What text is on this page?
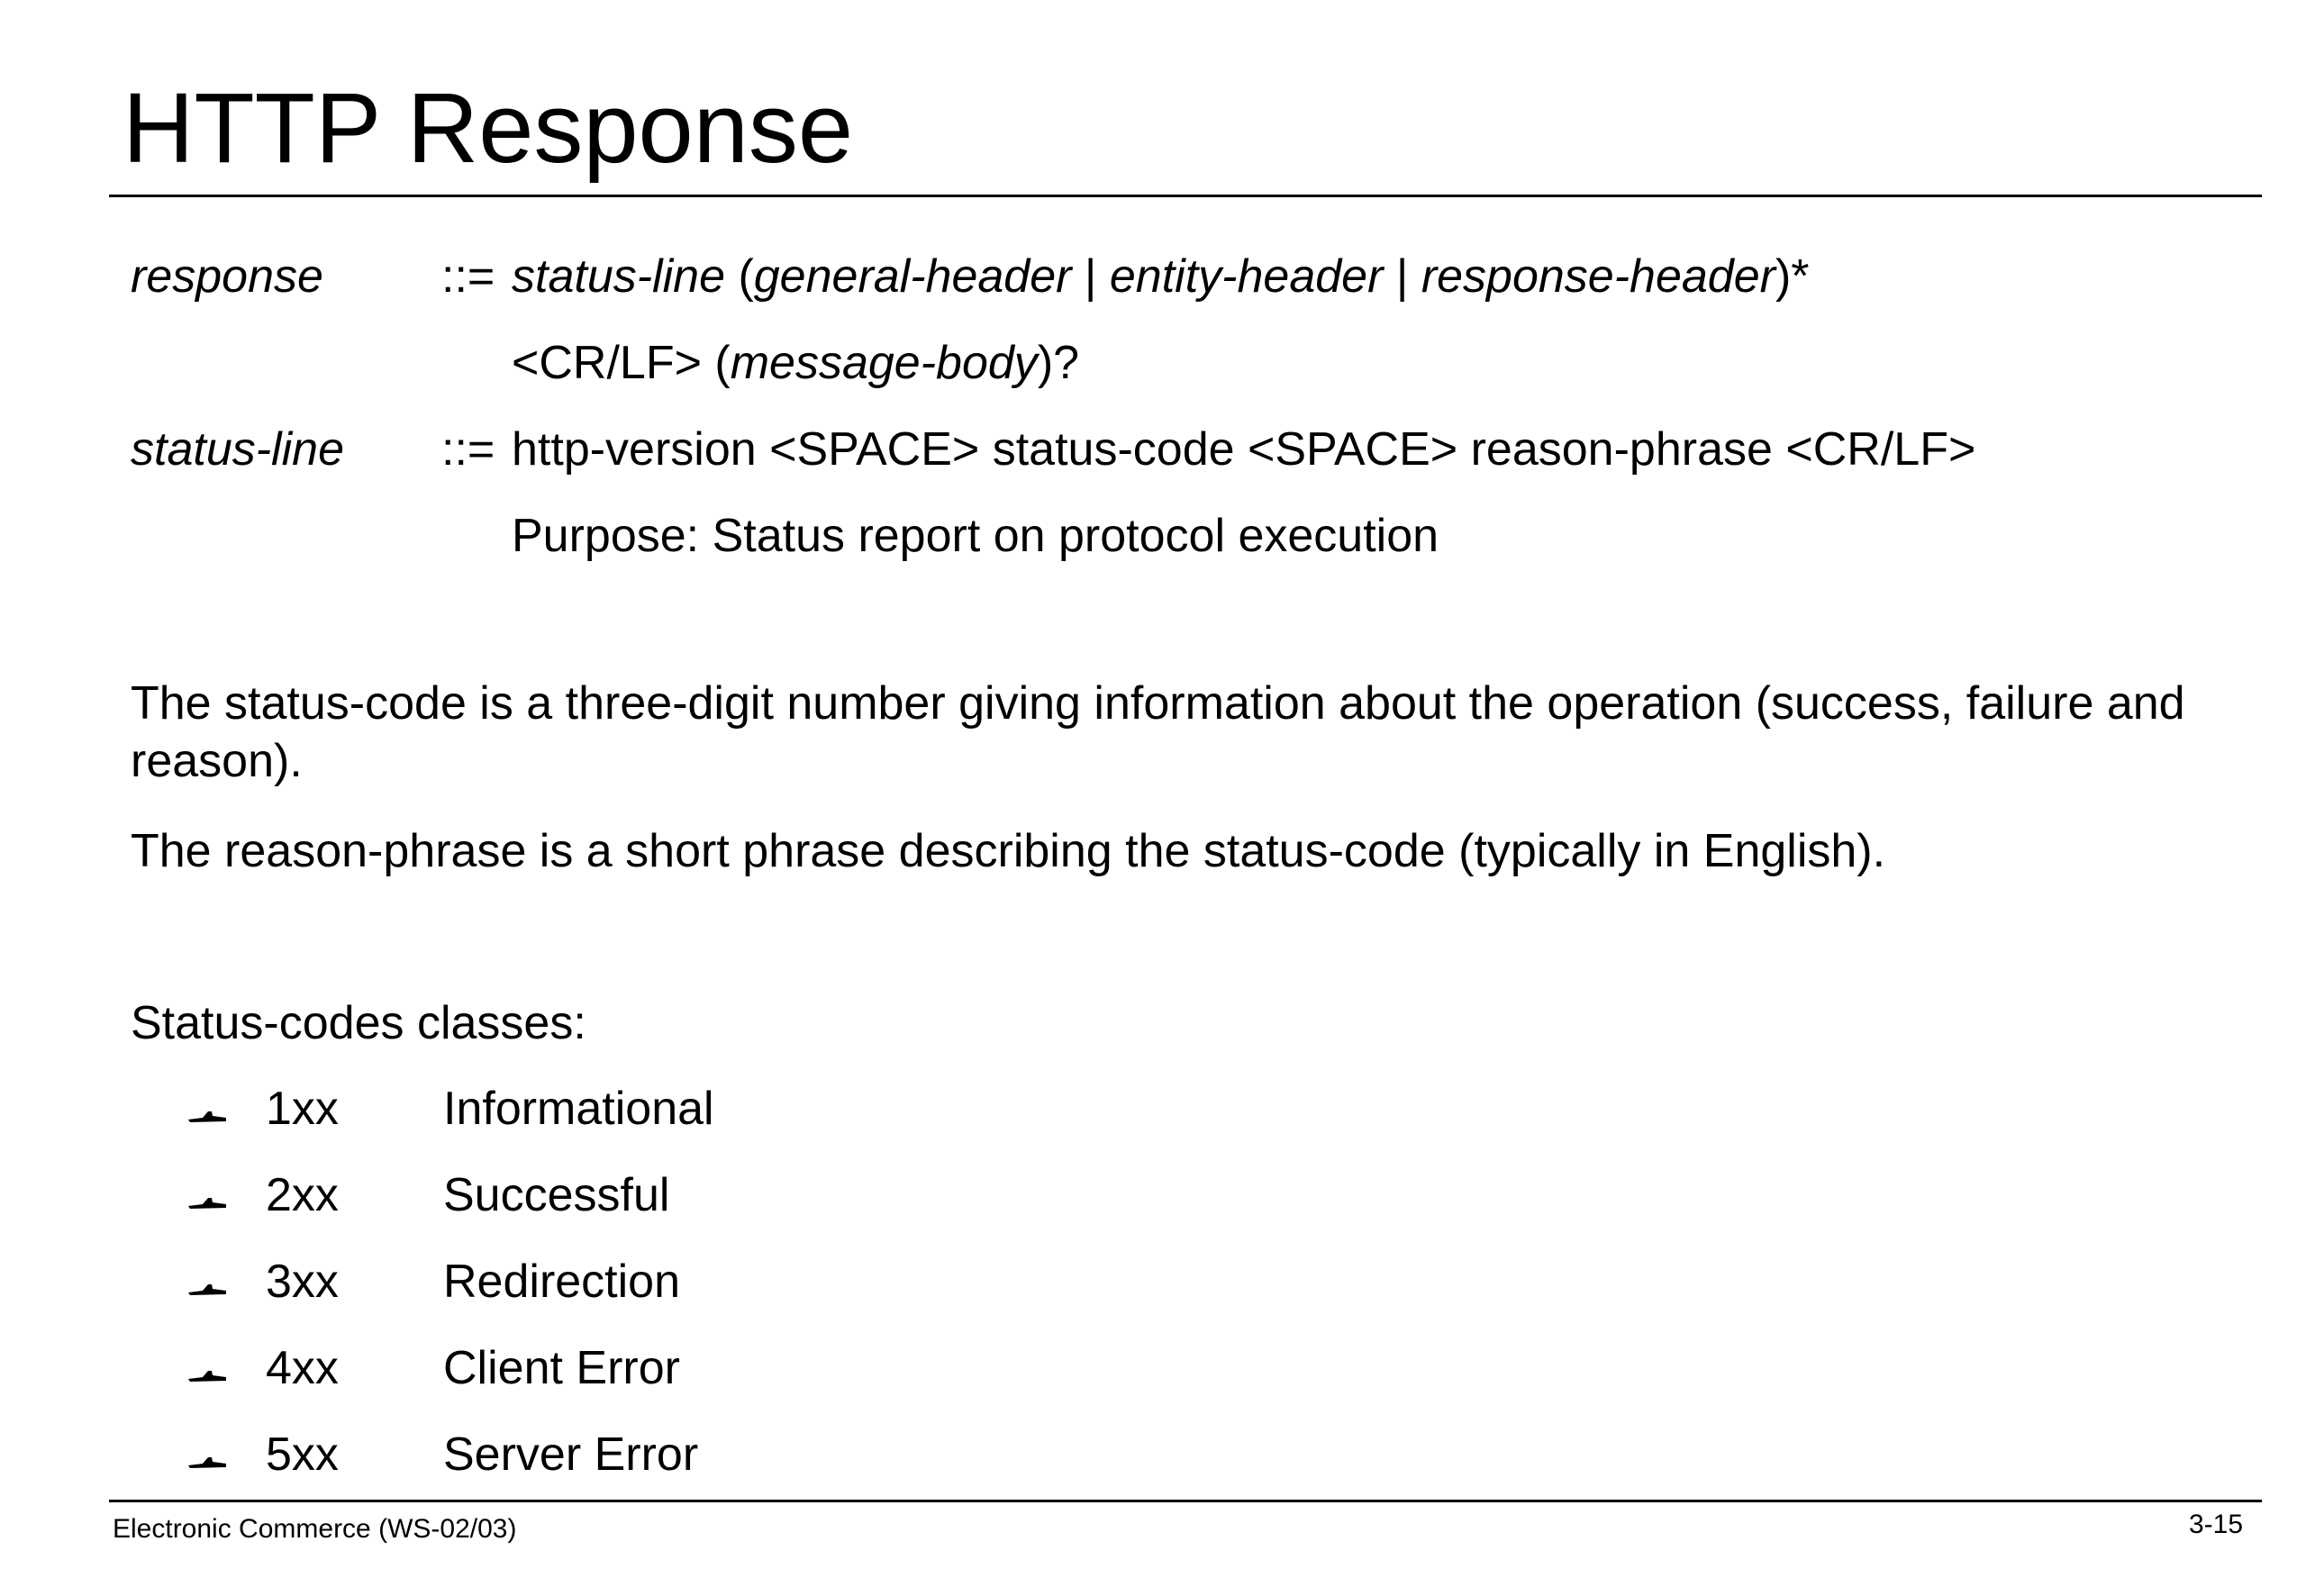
HTTP Response
response	::= status-line (general-header | entity-header | response-header)*
<CR/LF> (message-body)?
status-line ::= http-version <SPACE> status-code <SPACE> reason-phrase <CR/LF>
Purpose: Status report on protocol execution

The status-code is a three-digit number giving information about the operation (success, failure and reason).

The reason-phrase is a short phrase describing the status-code (typically in English).

Status-codes classes:

1xx Informational
2xx Successful
3xx Redirection
4xx Client Error
5xx Server Error
Electronic Commerce (WS-02/03)	3-15
